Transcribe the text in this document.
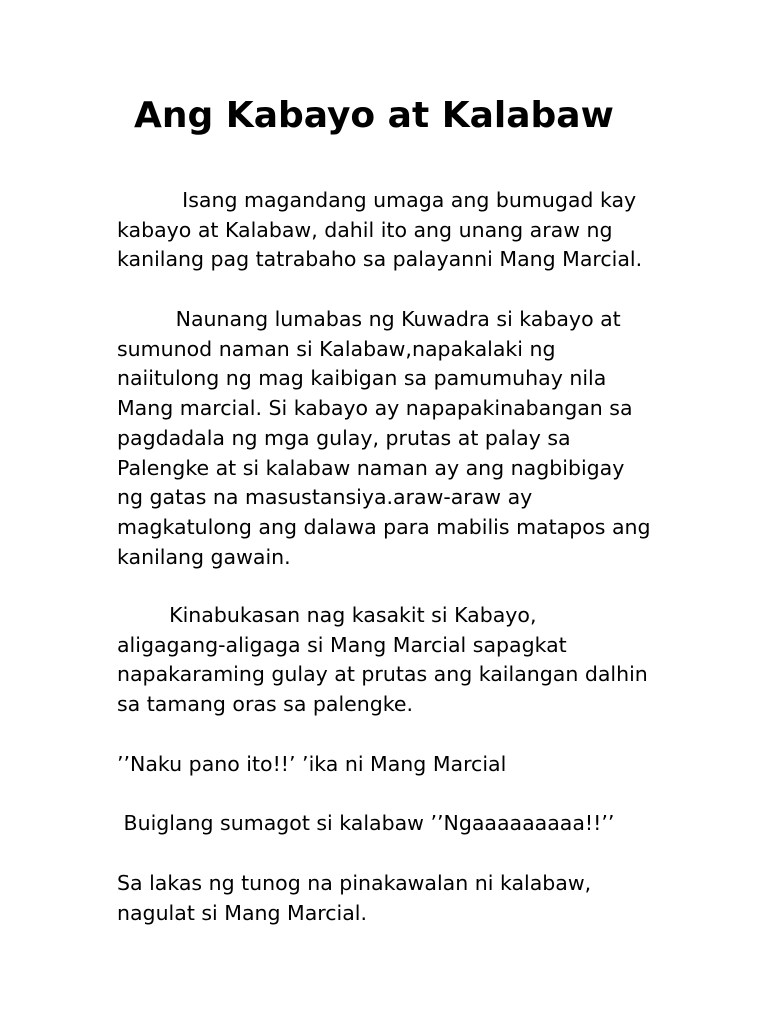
Ang Kabayo at Kalabaw

Isang magandang umaga ang bumugad kay
kabayo at Kalabaw, dahil ito ang unang araw ng
kanilang pag tatrabaho sa palayanni Mang Marcial.

Naunang lumabas ng Kuwadra si kabayo at
sumunod naman si Kalabaw,napakalaki ng
naiitulong ng mag kaibigan sa pamumuhay nila
Mang marcial. Si kabayo ay napapakinabangan sa
pagdadala ng mga gulay, prutas at palay sa
Palengke at si kalabaw naman ay ang nagbibigay
ng gatas na masustansiya.araw-araw ay
magkatulong ang dalawa para mabilis matapos ang
kanilang gawain.

Kinabukasan nag kasakit si Kabayo,
aligagang-aligaga si Mang Marcial sapagkat
napakaraming gulay at prutas ang kailangan dalhin
sa tamang oras sa palengke.

’’Naku pano ito!!’ ’ika ni Mang Marcial

Buiglang sumagot si kalabaw ’’Ngaaaaaaaaa!!’’

Sa lakas ng tunog na pinakawalan ni kalabaw,
nagulat si Mang Marcial.
